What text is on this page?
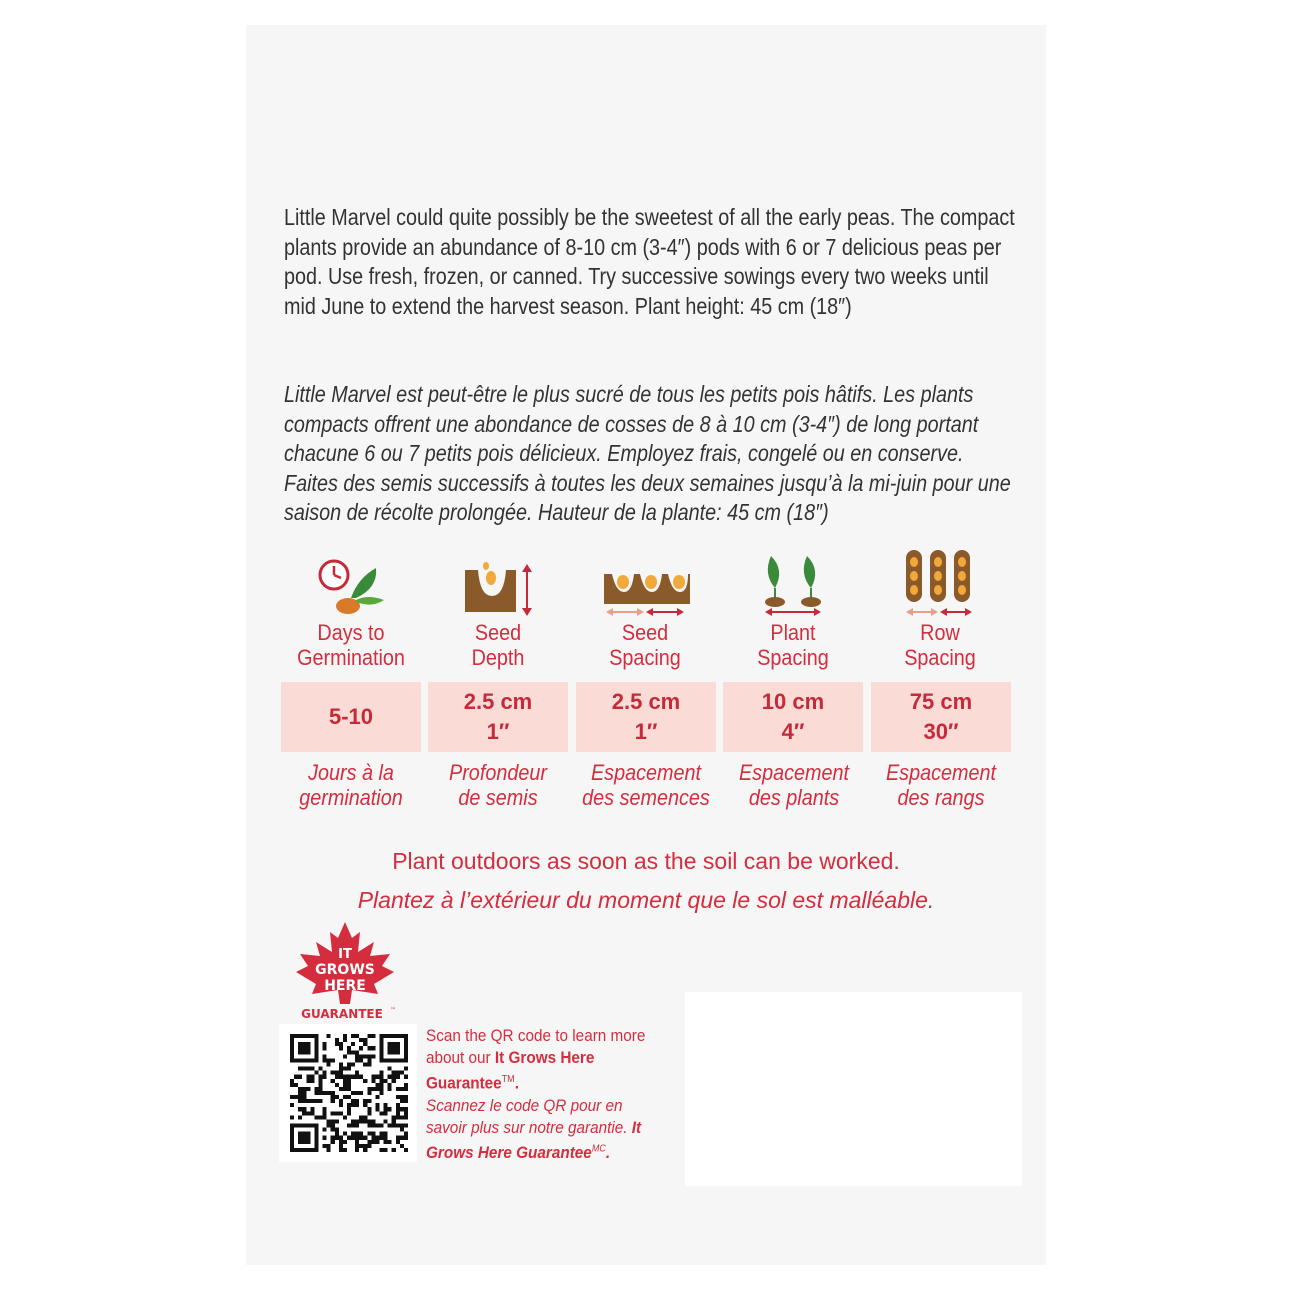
Little Marvel could quite possibly be the sweetest of all the early peas. The compact plants provide an abundance of 8-10 cm (3-4″) pods with 6 or 7 delicious peas per pod. Use fresh, frozen, or canned. Try successive sowings every two weeks until mid June to extend the harvest season. Plant height: 45 cm (18″)
Little Marvel est peut-être le plus sucré de tous les petits pois hâtifs. Les plants compacts offrent une abondance de cosses de 8 à 10 cm (3-4″) de long portant chacune 6 ou 7 petits pois délicieux. Employez frais, congelé ou en conserve. Faites des semis successifs à toutes les deux semaines jusqu’à la mi-juin pour une saison de récolte prolongée. Hauteur de la plante: 45 cm (18″)
Days to
Germination
5-10
Jours à la
germination
Seed
Depth
2.5 cm
1″
Profondeur
de semis
Seed
Spacing
2.5 cm
1″
Espacement
des semences
Plant
Spacing
10 cm
4″
Espacement
des plants
Row
Spacing
75 cm
30″
Espacement
des rangs
Plant outdoors as soon as the soil can be worked.
Plantez à l’extérieur du moment que le sol est malléable.
IT
GROWS
HERE
GUARANTEE ™
Scan the QR code to learn more about our It Grows Here Guarantee™.
Scannez le code QR pour en savoir plus sur notre garantie. It Grows Here Guarantee$^{MC}$.
